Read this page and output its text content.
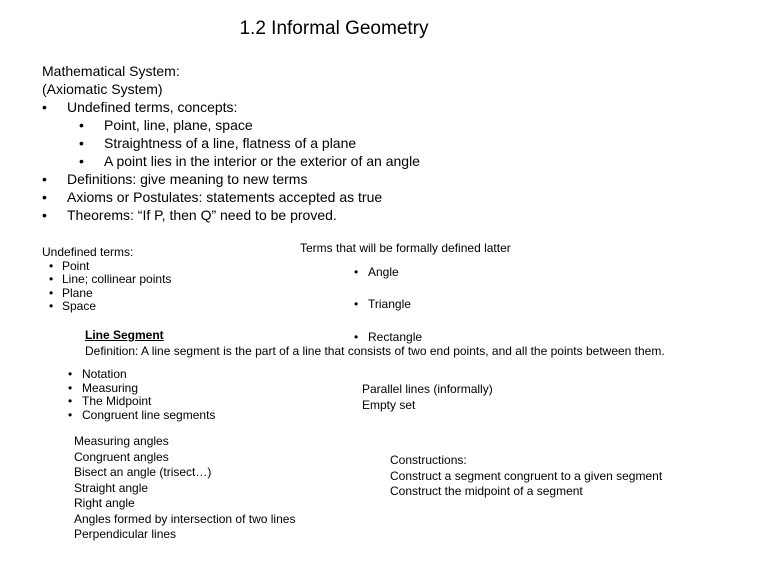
1.2 Informal Geometry
Mathematical System:
(Axiomatic System)
• Undefined terms, concepts:
• Point, line, plane, space
• Straightness of a line, flatness of a plane
• A point lies in the interior or the exterior of an angle
• Definitions: give meaning to new terms
• Axioms or Postulates: statements accepted as true
• Theorems: “If P, then Q” need to be proved.
Undefined terms:
• Point
• Line; collinear points
• Plane
• Space
Terms that will be formally defined latter
• Angle
• Triangle
• Rectangle
Line Segment
Definition: A line segment is the part of a line that consists of two end points, and all the points between them.
• Notation
• Measuring
• The Midpoint
• Congruent line segments
Parallel lines (informally)
Empty set
Measuring angles
Congruent angles
Bisect an angle (trisect…)
Straight angle
Right angle
Angles formed by intersection of two lines
Perpendicular lines
Constructions:
Construct a segment congruent to a given segment
Construct the midpoint of a segment
